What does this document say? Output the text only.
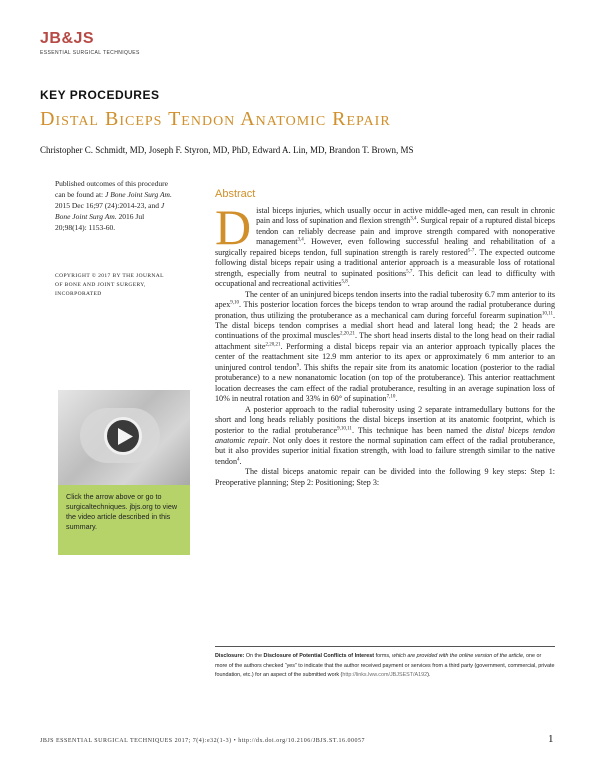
JB&JS
ESSENTIAL SURGICAL TECHNIQUES
KEY PROCEDURES
Distal Biceps Tendon Anatomic Repair
Christopher C. Schmidt, MD, Joseph F. Styron, MD, PhD, Edward A. Lin, MD, Brandon T. Brown, MS
Published outcomes of this procedure can be found at: J Bone Joint Surg Am. 2015 Dec 16;97 (24):2014-23, and J Bone Joint Surg Am. 2016 Jul 20;98(14): 1153-60.
COPYRIGHT © 2017 BY THE JOURNAL OF BONE AND JOINT SURGERY, INCORPORATED
Click the arrow above or go to surgicaltechniques. jbjs.org to view the video article described in this summary.
Abstract

Distal biceps injuries, which usually occur in active middle-aged men, can result in chronic pain and loss of supination and flexion strength$^{3,4}$. Surgical repair of a ruptured distal biceps tendon can reliably decrease pain and improve strength compared with nonoperative management$^{3,4}$. However, even following successful healing and rehabilitation of a surgically repaired biceps tendon, full supination strength is rarely restored$^{5-7}$. The expected outcome following distal biceps repair using a traditional anterior approach is a measurable loss of rotational strength, especially from neutral to supinated positions$^{5,7}$. This deficit can lead to difficulty with occupational and recreational activities$^{5,8}$.

The center of an uninjured biceps tendon inserts into the radial tuberosity 6.7 mm anterior to its apex$^{9,10}$. This posterior location forces the biceps tendon to wrap around the radial protuberance during pronation, thus utilizing the protuberance as a mechanical cam during forceful forearm supination$^{10,11}$. The distal biceps tendon comprises a medial short head and lateral long head; the 2 heads are continuations of the proximal muscles$^{2,20,21}$. The short head inserts distal to the long head on their radial attachment site$^{2,20,21}$. Performing a distal biceps repair via an anterior approach typically places the center of the reattachment site 12.9 mm anterior to its apex or approximately 6 mm anterior to an uninjured control tendon$^9$. This shifts the repair site from its anatomic location (posterior to the radial protuberance) to a new nonanatomic location (on top of the protuberance). This anterior reattachment location decreases the cam effect of the radial protuberance, resulting in an average supination loss of 10% in neutral rotation and 33% in 60° of supination$^{7,10}$.

A posterior approach to the radial tuberosity using 2 separate intramedullary buttons for the short and long heads reliably positions the distal biceps insertion at its anatomic footprint, which is posterior to the radial protuberance$^{9,10,11}$. This technique has been named the distal biceps tendon anatomic repair. Not only does it restore the normal supination cam effect of the radial protuberance, but it also provides superior initial fixation strength, with load to failure strength similar to the native tendon$^4$.

The distal biceps anatomic repair can be divided into the following 9 key steps: Step 1: Preoperative planning; Step 2: Positioning; Step 3:

Disclosure: On the Disclosure of Potential Conflicts of Interest forms, which are provided with the online version of the article, one or more of the authors checked “yes” to indicate that the author received payment or services from a third party (government, commercial, private foundation, etc.) for an aspect of the submitted work (http://links.lww.com/JBJSEST/A192).
JBJS ESSENTIAL SURGICAL TECHNIQUES 2017; 7(4):e32(1-3) • http://dx.doi.org/10.2106/JBJS.ST.16.00057	1
